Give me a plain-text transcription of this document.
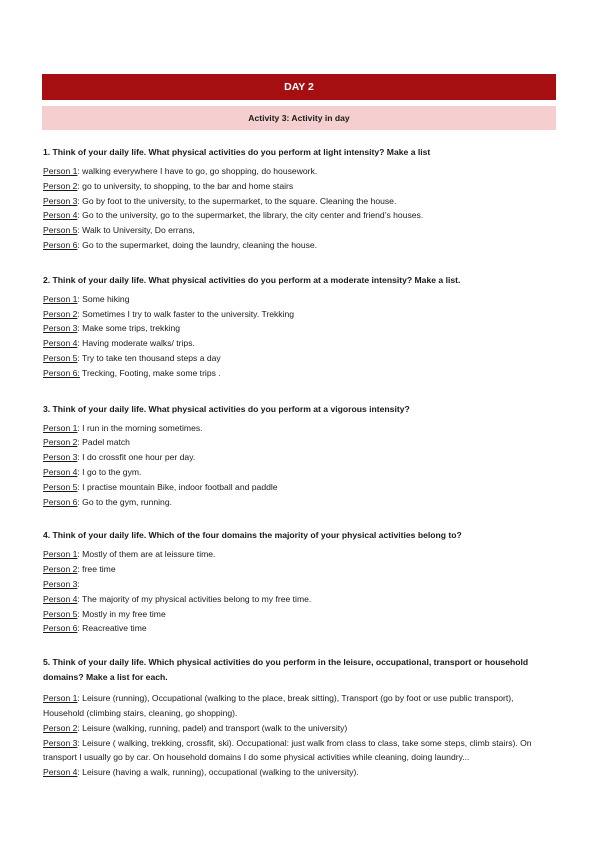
DAY 2
Activity 3: Activity in day
1. Think of your daily life. What physical activities do you perform at light intensity? Make a list
Person 1: walking everywhere I have to go, go shopping, do housework.
Person 2: go to university, to shopping, to the bar and home stairs
Person 3: Go by foot to the university, to the supermarket, to the square. Cleaning the house.
Person 4: Go to the university, go to the supermarket, the library, the city center and friend’s houses.
Person 5: Walk to University, Do errans,
Person 6: Go to the supermarket, doing the laundry, cleaning the house.
2. Think of your daily life. What physical activities do you perform at a moderate intensity? Make a list.
Person 1: Some hiking
Person 2: Sometimes I try to walk faster to the university. Trekking
Person 3: Make some trips, trekking
Person 4: Having moderate walks/ trips.
Person 5: Try to take ten thousand steps a day
Person 6: Trecking, Footing, make some trips .
3. Think of your daily life. What physical activities do you perform at a vigorous intensity?
Person 1: I run in the morning sometimes.
Person 2: Padel match
Person 3: I do crossfit one hour per day.
Person 4: I go to the gym.
Person 5: I practise mountain Bike, indoor football and paddle
Person 6: Go to the gym, running.
4. Think of your daily life. Which of the four domains the majority of your physical activities belong to?
Person 1: Mostly of them are at leissure time.
Person 2: free time
Person 3:
Person 4: The majority of my physical activities belong to my free time.
Person 5: Mostly in my free time
Person 6: Reacreative time
5. Think of your daily life. Which physical activities do you perform in the leisure, occupational, transport or household domains? Make a list for each.
Person 1: Leisure (running), Occupational (walking to the place, break sitting), Transport (go by foot or use public transport), Household (climbing stairs, cleaning, go shopping).
Person 2: Leisure (walking, running, padel) and transport (walk to the university)
Person 3: Leisure ( walking, trekking, crossfit, ski). Occupational: just walk from class to class, take some steps, climb stairs). On transport I usually go by car. On household domains I do some physical activities while cleaning, doing laundry...
Person 4: Leisure (having a walk, running), occupational (walking to the university).
